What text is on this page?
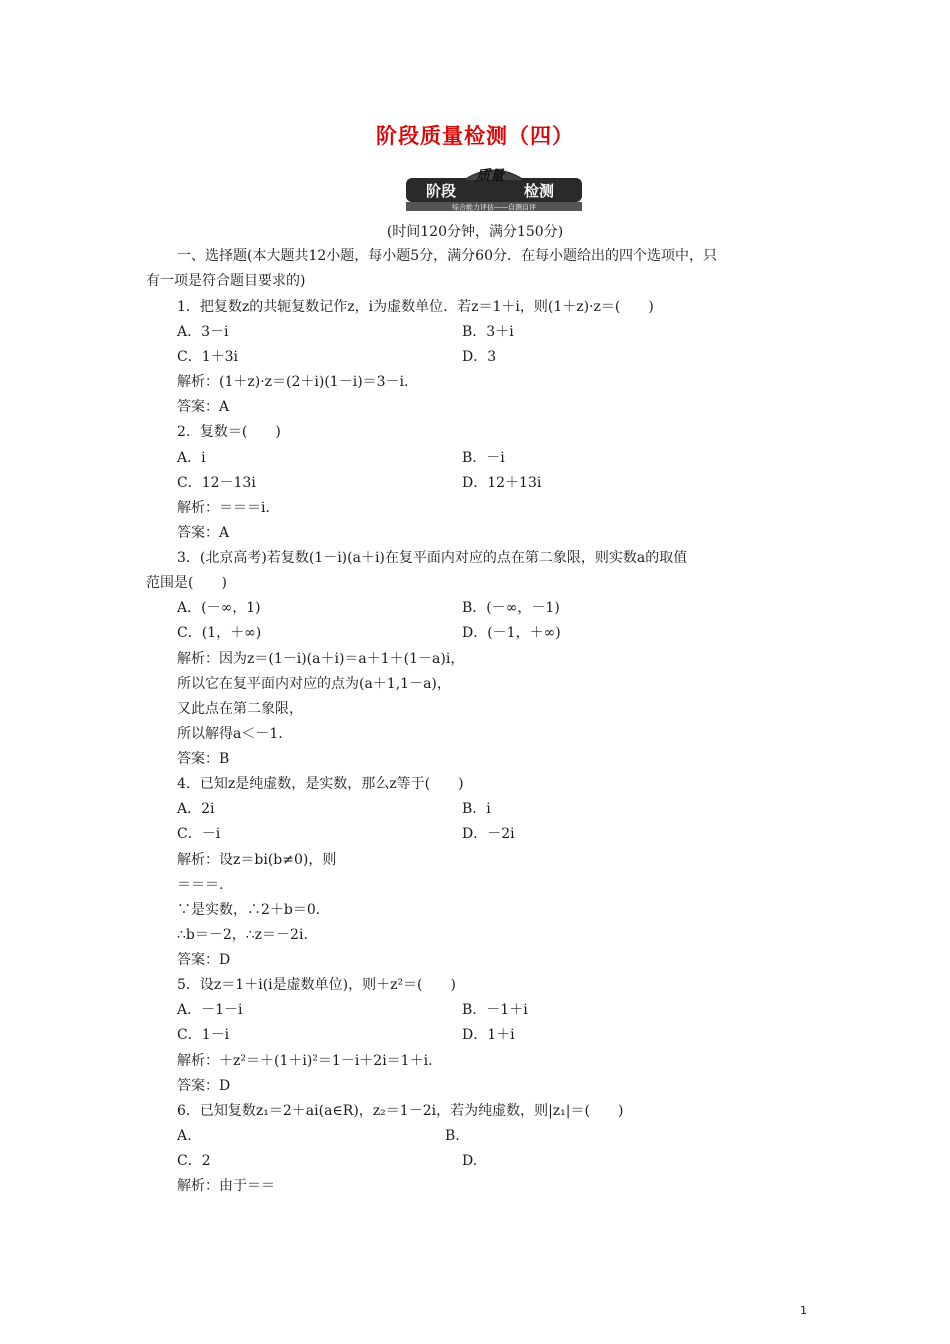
阶段质量检测（四）
阶段
质量
检测
综合能力评估——自测自评
(时间120分钟，满分150分)
一、选择题(本大题共12小题，每小题5分，满分60分．在每小题给出的四个选项中，只
有一项是符合题目要求的)
1．把复数z的共轭复数记作z，i为虚数单位．若z＝1＋i，则(1＋z)·z＝(　　)
A．3－i	B．3＋i
C．1＋3i	D．3
解析：(1＋z)·z＝(2＋i)(1－i)＝3－i.
答案：A
2．复数＝(　　)
A．i	B．－i
C．12－13i	D．12＋13i
解析：＝＝＝i.
答案：A
3．(北京高考)若复数(1－i)(a＋i)在复平面内对应的点在第二象限，则实数a的取值
范围是(　　)
A．(－∞，1)	B．(－∞，－1)
C．(1，＋∞)	D．(－1，＋∞)
解析：因为z＝(1－i)(a＋i)＝a＋1＋(1－a)i，
所以它在复平面内对应的点为(a＋1,1－a)，
又此点在第二象限，
所以解得a＜－1.
答案：B
4．已知z是纯虚数，是实数，那么z等于(　　)
A．2i	B．i
C．－i	D．－2i
解析：设z＝bi(b≠0)，则
＝＝＝.
∵是实数，∴2＋b＝0.
∴b＝－2，∴z＝－2i.
答案：D
5．设z＝1＋i(i是虚数单位)，则＋z²＝(　　)
A．－1－i	B．－1＋i
C．1－i	D．1＋i
解析：＋z²＝＋(1＋i)²＝1－i＋2i＝1＋i.
答案：D
6．已知复数z₁＝2＋ai(a∈R)，z₂＝1－2i，若为纯虚数，则|z₁|＝(　　)
A.	B.
C．2	D.
解析：由于＝＝
1
